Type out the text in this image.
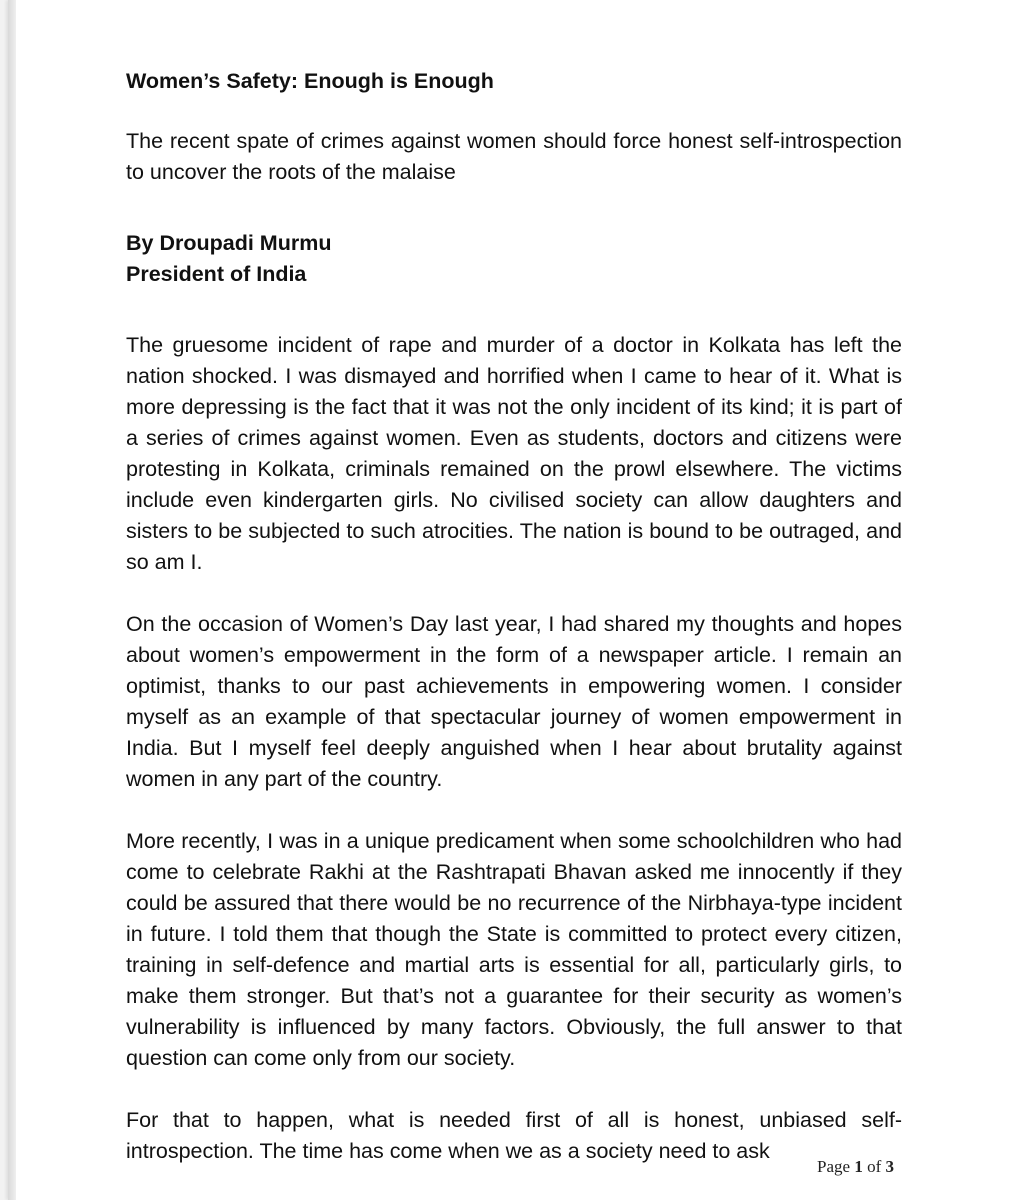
Women’s Safety: Enough is Enough
The recent spate of crimes against women should force honest self-introspection to uncover the roots of the malaise
By Droupadi Murmu
President of India
The gruesome incident of rape and murder of a doctor in Kolkata has left the nation shocked. I was dismayed and horrified when I came to hear of it. What is more depressing is the fact that it was not the only incident of its kind; it is part of a series of crimes against women. Even as students, doctors and citizens were protesting in Kolkata, criminals remained on the prowl elsewhere. The victims include even kindergarten girls. No civilised society can allow daughters and sisters to be subjected to such atrocities. The nation is bound to be outraged, and so am I.
On the occasion of Women’s Day last year, I had shared my thoughts and hopes about women’s empowerment in the form of a newspaper article. I remain an optimist, thanks to our past achievements in empowering women. I consider myself as an example of that spectacular journey of women empowerment in India. But I myself feel deeply anguished when I hear about brutality against women in any part of the country.
More recently, I was in a unique predicament when some schoolchildren who had come to celebrate Rakhi at the Rashtrapati Bhavan asked me innocently if they could be assured that there would be no recurrence of the Nirbhaya-type incident in future. I told them that though the State is committed to protect every citizen, training in self-defence and martial arts is essential for all, particularly girls, to make them stronger. But that’s not a guarantee for their security as women’s vulnerability is influenced by many factors. Obviously, the full answer to that question can come only from our society.
For that to happen, what is needed first of all is honest, unbiased self-introspection. The time has come when we as a society need to ask
Page 1 of 3
